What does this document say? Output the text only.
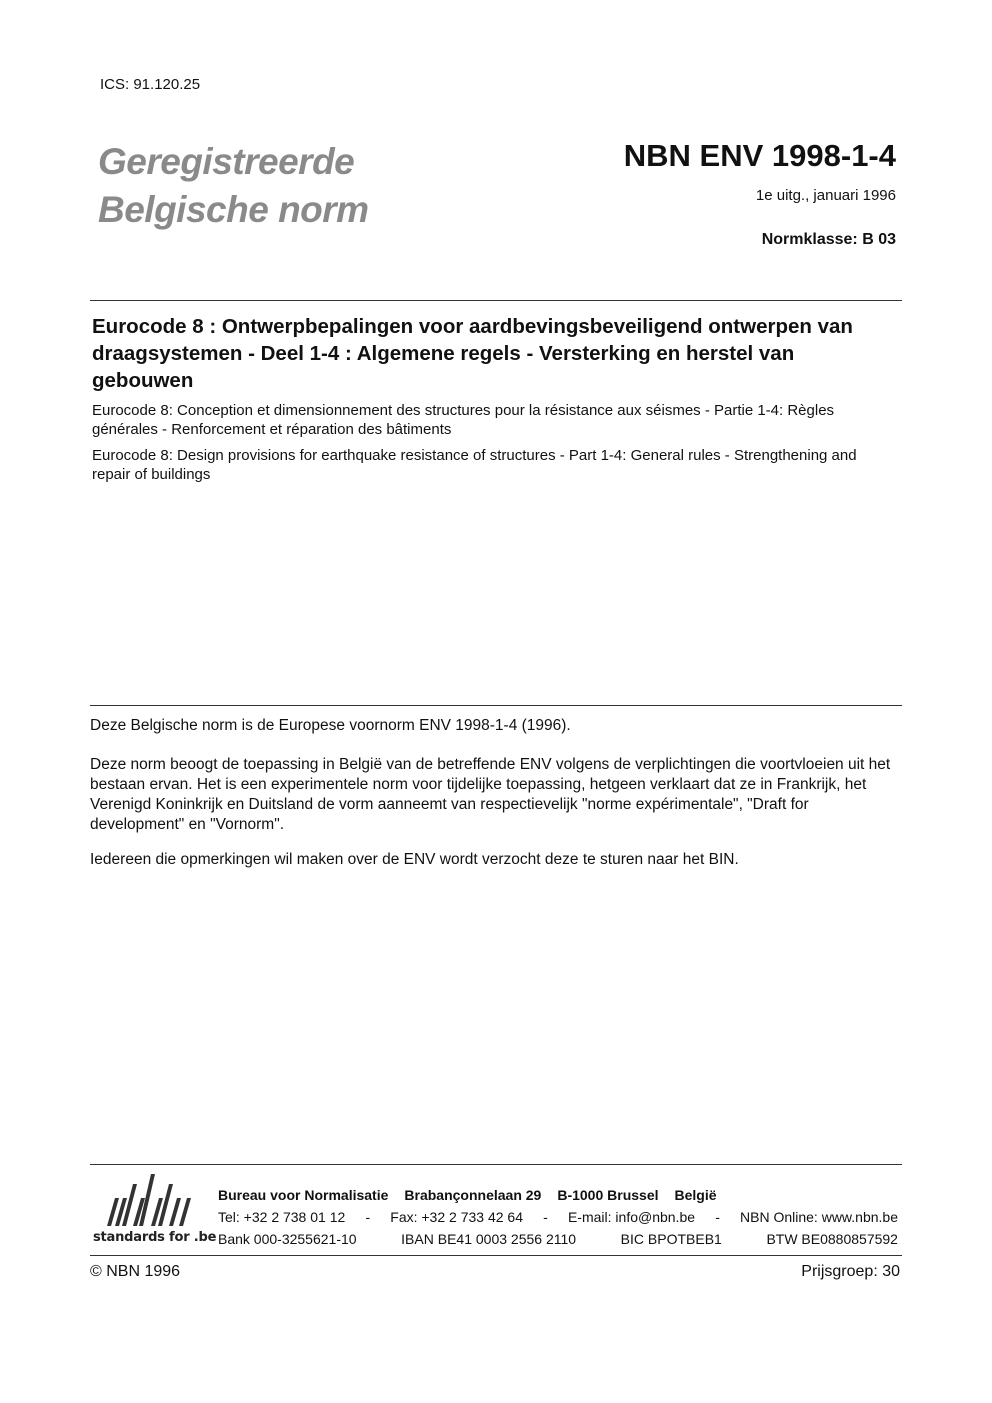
ICS: 91.120.25
Geregistreerde
Belgische norm
NBN ENV 1998-1-4
1e uitg., januari 1996
Normklasse: B 03
Eurocode 8 : Ontwerpbepalingen voor aardbevingsbeveiligend ontwerpen van draagsystemen - Deel 1-4 : Algemene regels - Versterking en herstel van gebouwen
Eurocode 8: Conception et dimensionnement des structures pour la résistance aux séismes - Partie 1-4: Règles générales - Renforcement et réparation des bâtiments
Eurocode 8: Design provisions for earthquake resistance of structures - Part 1-4: General rules - Strengthening and repair of buildings
Deze Belgische norm is de Europese voornorm ENV 1998-1-4 (1996).
Deze norm beoogt de toepassing in België van de betreffende ENV volgens de verplichtingen die voortvloeien uit het bestaan ervan. Het is een experimentele norm voor tijdelijke toepassing, hetgeen verklaart dat ze in Frankrijk, het Verenigd Koninkrijk en Duitsland de vorm aanneemt van respectievelijk "norme expérimentale", "Draft for development" en "Vornorm".
Iedereen die opmerkingen wil maken over de ENV wordt verzocht deze te sturen naar het BIN.
standards for .be
Bureau voor Normalisatie Brabançonnelaan 29 B-1000 Brussel België
Tel: +32 2 738 01 12 - Fax: +32 2 733 42 64 - E-mail: info@nbn.be - NBN Online: www.nbn.be
Bank 000-3255621-10	IBAN BE41 0003 2556 2110	BIC BPOTBEB1	BTW BE0880857592
© NBN 1996	Prijsgroep: 30
